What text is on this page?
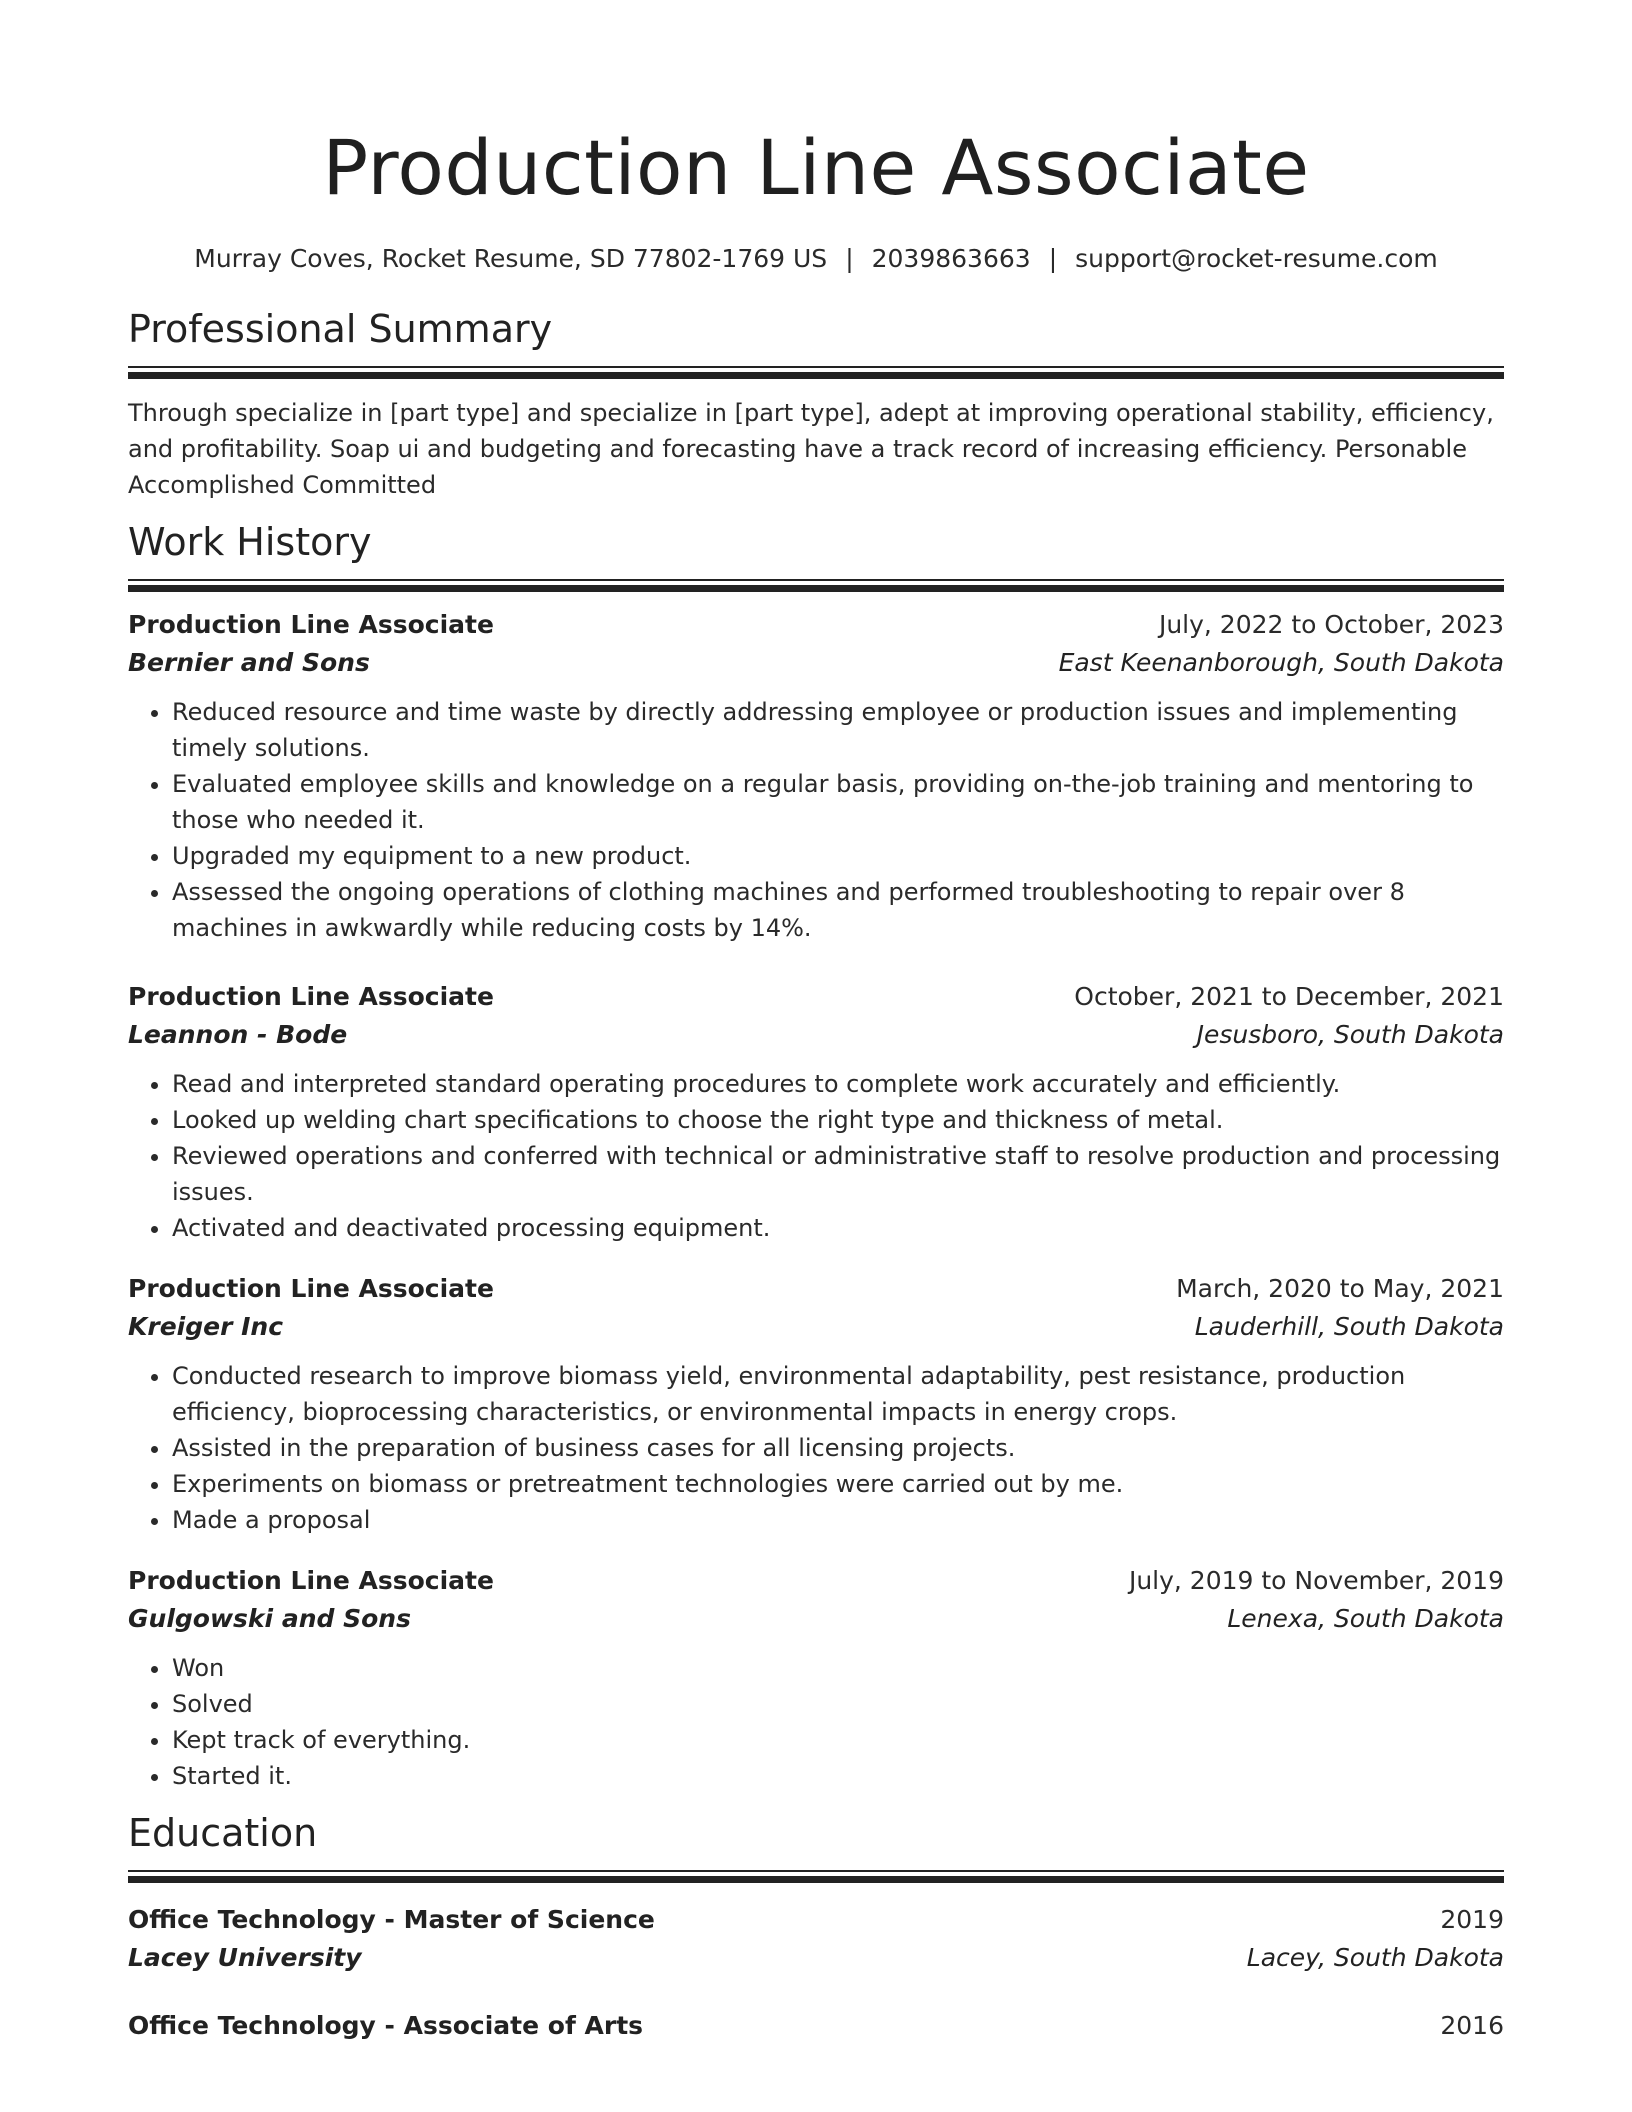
Production Line Associate
Murray Coves, Rocket Resume, SD 77802-1769 US | 2039863663 | support@rocket-resume.com
Professional Summary
Through specialize in [part type] and specialize in [part type], adept at improving operational stability, efficiency, and profitability. Soap ui and budgeting and forecasting have a track record of increasing efficiency. Personable Accomplished Committed
Work History
Production Line Associate	July, 2022 to October, 2023
Bernier and Sons	East Keenanborough, South Dakota
• Reduced resource and time waste by directly addressing employee or production issues and implementing timely solutions.
• Evaluated employee skills and knowledge on a regular basis, providing on-the-job training and mentoring to those who needed it.
• Upgraded my equipment to a new product.
• Assessed the ongoing operations of clothing machines and performed troubleshooting to repair over 8 machines in awkwardly while reducing costs by 14%.
Production Line Associate	October, 2021 to December, 2021
Leannon - Bode	Jesusboro, South Dakota
• Read and interpreted standard operating procedures to complete work accurately and efficiently.
• Looked up welding chart specifications to choose the right type and thickness of metal.
• Reviewed operations and conferred with technical or administrative staff to resolve production and processing issues.
• Activated and deactivated processing equipment.
Production Line Associate	March, 2020 to May, 2021
Kreiger Inc	Lauderhill, South Dakota
• Conducted research to improve biomass yield, environmental adaptability, pest resistance, production efficiency, bioprocessing characteristics, or environmental impacts in energy crops.
• Assisted in the preparation of business cases for all licensing projects.
• Experiments on biomass or pretreatment technologies were carried out by me.
• Made a proposal
Production Line Associate	July, 2019 to November, 2019
Gulgowski and Sons	Lenexa, South Dakota
• Won
• Solved
• Kept track of everything.
• Started it.
Education
Office Technology - Master of Science	2019
Lacey University	Lacey, South Dakota
Office Technology - Associate of Arts	2016
